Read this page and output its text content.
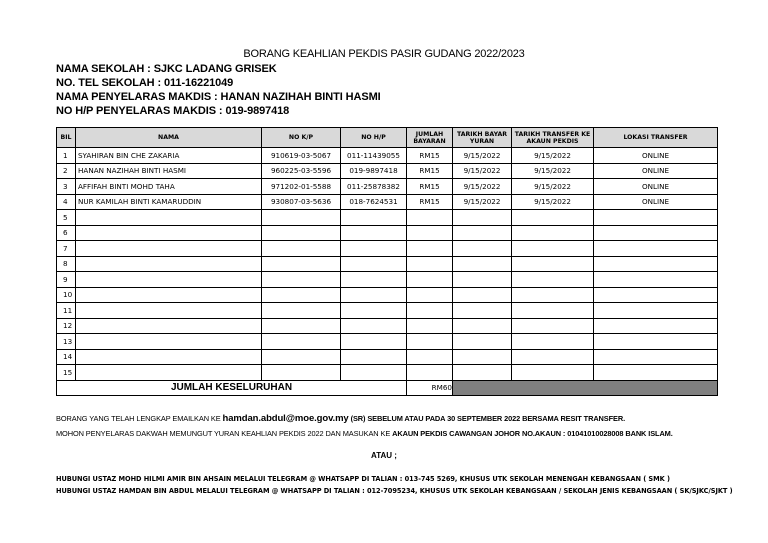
BORANG KEAHLIAN PEKDIS PASIR GUDANG 2022/2023
NAMA SEKOLAH : SJKC LADANG GRISEK
NO. TEL SEKOLAH : 011-16221049
NAMA PENYELARAS MAKDIS : HANAN NAZIHAH BINTI HASMI
NO H/P PENYELARAS MAKDIS : 019-9897418
BIL	NAMA	NO K/P	NO H/P	JUMLAH BAYARAN	TARIKH BAYAR YURAN	TARIKH TRANSFER KE AKAUN PEKDIS	LOKASI TRANSFER
1	SYAHIRAN BIN CHE ZAKARIA	910619-03-5067	011-11439055	RM15	9/15/2022	9/15/2022	ONLINE
2	HANAN NAZIHAH BINTI HASMI	960225-03-5596	019-9897418	RM15	9/15/2022	9/15/2022	ONLINE
3	AFFIFAH BINTI MOHD TAHA	971202-01-5588	011-25878382	RM15	9/15/2022	9/15/2022	ONLINE
4	NUR KAMILAH BINTI KAMARUDDIN	930807-03-5636	018-7624531	RM15	9/15/2022	9/15/2022	ONLINE
5							
6							
7							
8							
9							
10							
11							
12							
13							
14							
15							
JUMLAH KESELURUHAN				RM60			
BORANG YANG TELAH LENGKAP EMAILKAN KE hamdan.abdul@moe.gov.my (SR) SEBELUM ATAU PADA 30 SEPTEMBER 2022 BERSAMA RESIT TRANSFER.
MOHON PENYELARAS DAKWAH MEMUNGUT YURAN KEAHLIAN PEKDIS 2022 DAN MASUKAN KE AKAUN PEKDIS CAWANGAN JOHOR NO.AKAUN : 01041010028008 BANK ISLAM.
ATAU ;
HUBUNGI USTAZ MOHD HILMI AMIR BIN AHSAIN MELALUI TELEGRAM @ WHATSAPP DI TALIAN : 013-745 5269, KHUSUS UTK SEKOLAH MENENGAH KEBANGSAAN ( SMK )
HUBUNGI USTAZ HAMDAN BIN ABDUL MELALUI TELEGRAM @ WHATSAPP DI TALIAN : 012-7095234, KHUSUS UTK SEKOLAH KEBANGSAAN / SEKOLAH JENIS KEBANGSAAN ( SK/SJKC/SJKT )
